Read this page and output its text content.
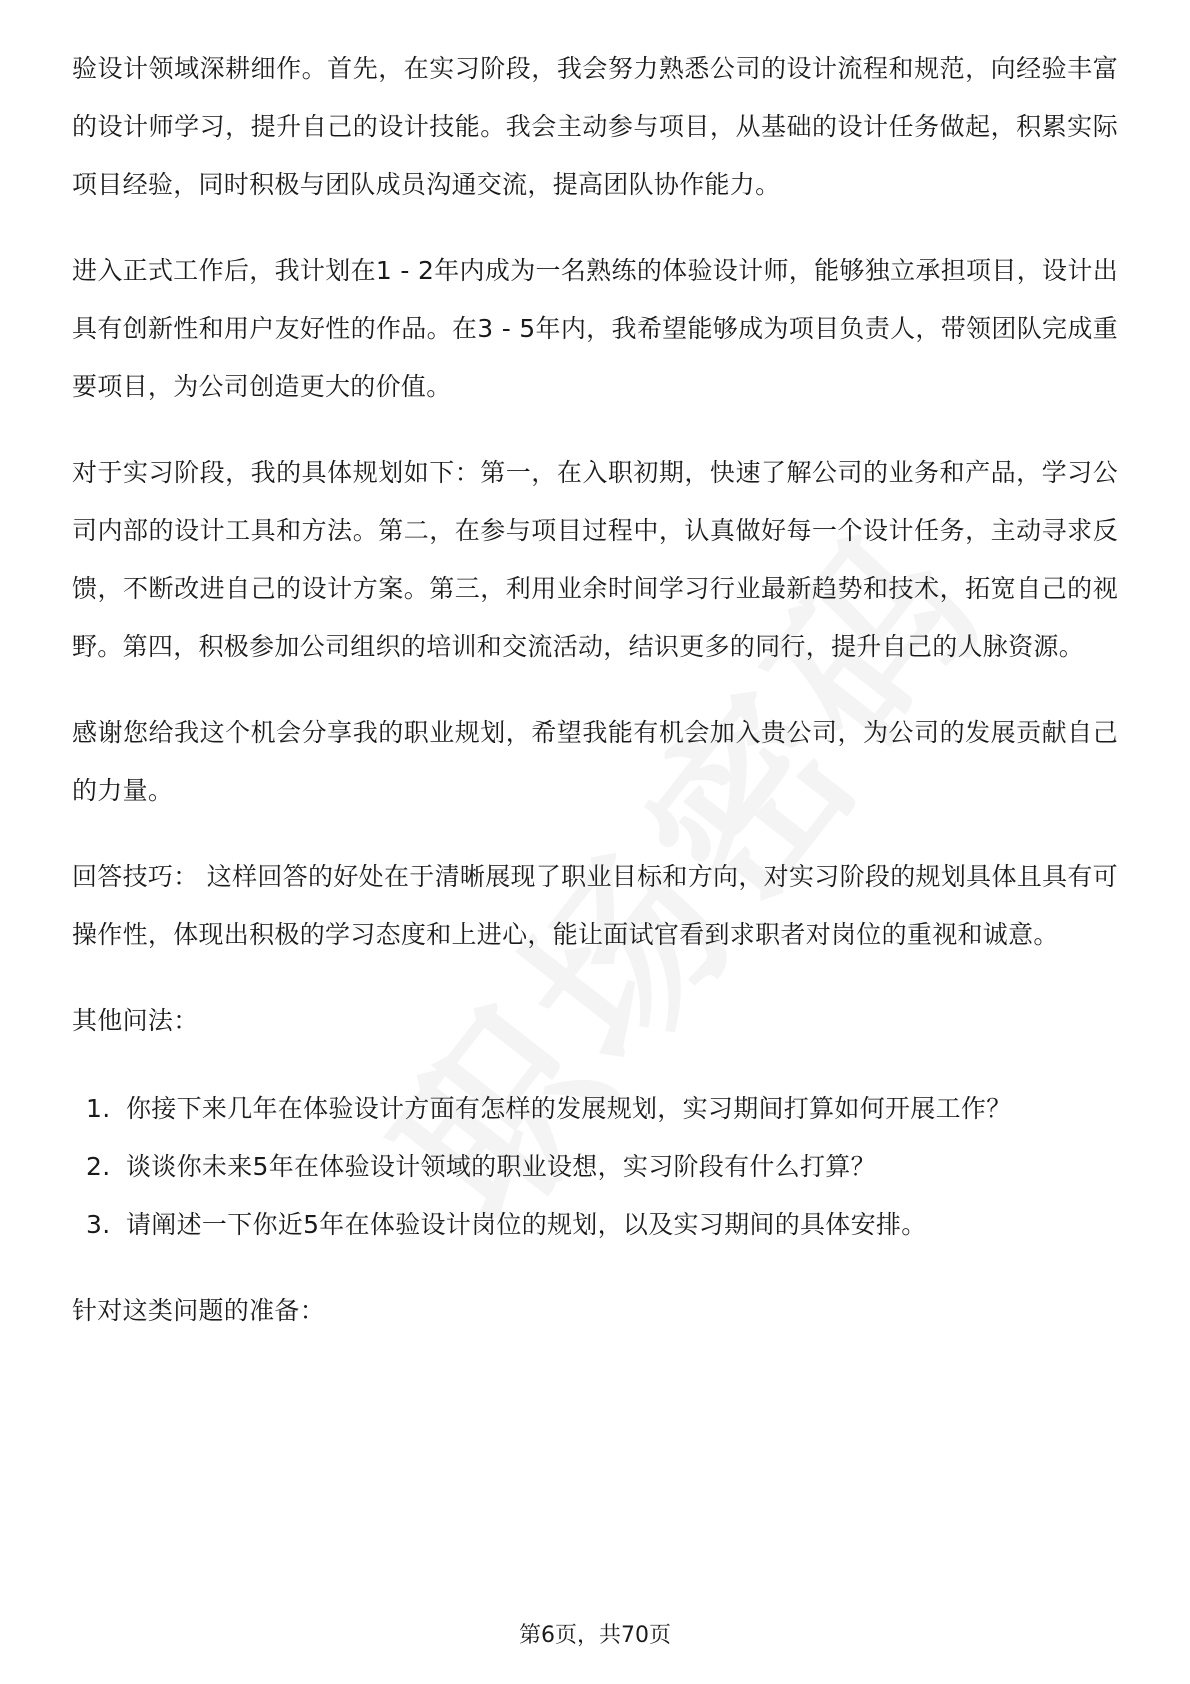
验设计领域深耕细作。首先，在实习阶段，我会努力熟悉公司的设计流程和规范，向经验丰富的设计师学习，提升自己的设计技能。我会主动参与项目，从基础的设计任务做起，积累实际项目经验，同时积极与团队成员沟通交流，提高团队协作能力。

进入正式工作后，我计划在1 - 2年内成为一名熟练的体验设计师，能够独立承担项目，设计出具有创新性和用户友好性的作品。在3 - 5年内，我希望能够成为项目负责人，带领团队完成重要项目，为公司创造更大的价值。

对于实习阶段，我的具体规划如下：第一，在入职初期，快速了解公司的业务和产品，学习公司内部的设计工具和方法。第二，在参与项目过程中，认真做好每一个设计任务，主动寻求反馈，不断改进自己的设计方案。第三，利用业余时间学习行业最新趋势和技术，拓宽自己的视野。第四，积极参加公司组织的培训和交流活动，结识更多的同行，提升自己的人脉资源。

感谢您给我这个机会分享我的职业规划，希望我能有机会加入贵公司，为公司的发展贡献自己的力量。

回答技巧： 这样回答的好处在于清晰展现了职业目标和方向，对实习阶段的规划具体且具有可操作性，体现出积极的学习态度和上进心，能让面试官看到求职者对岗位的重视和诚意。

其他问法：

1. 你接下来几年在体验设计方面有怎样的发展规划，实习期间打算如何开展工作？
2. 谈谈你未来5年在体验设计领域的职业设想，实习阶段有什么打算？
3. 请阐述一下你近5年在体验设计岗位的规划，以及实习期间的具体安排。

针对这类问题的准备：

第6页，共70页
